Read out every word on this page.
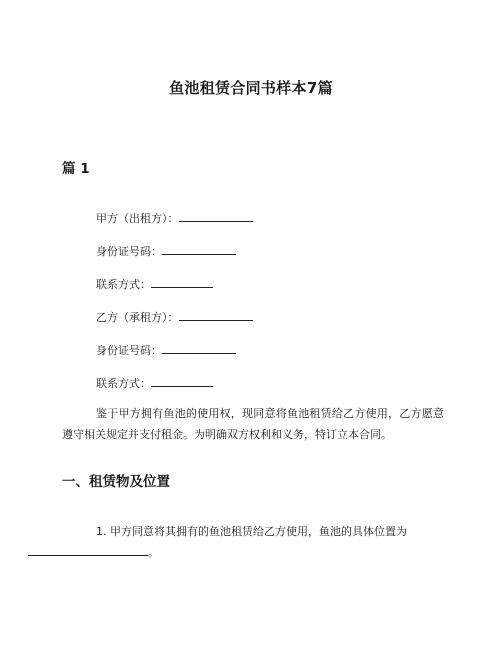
鱼池租赁合同书样本7篇
篇 1
甲方（出租方）：
身份证号码：
联系方式：
乙方（承租方）：
身份证号码：
联系方式：
鉴于甲方拥有鱼池的使用权，现同意将鱼池租赁给乙方使用，乙方愿意遵守相关规定并支付租金。为明确双方权利和义务，特订立本合同。
一、租赁物及位置
1. 甲方同意将其拥有的鱼池租赁给乙方使用，鱼池的具体位置为
。
